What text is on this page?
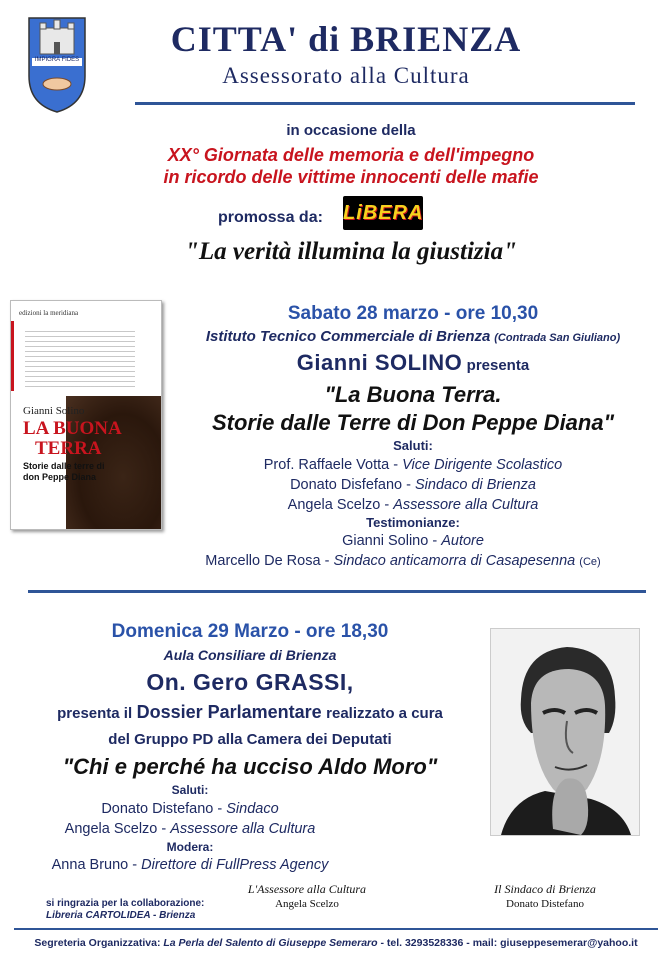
IMPIGRA FIDES
CITTA' di BRIENZA
Assessorato alla Cultura
in occasione della
XX° Giornata delle memoria e dell'impegno
in ricordo delle vittime innocenti delle mafie
promossa da: LiBERA
"La verità illumina la giustizia"
edizioni la meridiana
Gianni Solino
LA BUONA
TERRA
Storie dalle terre di don Peppe Diana
Sabato 28 marzo - ore 10,30
Istituto Tecnico Commerciale di Brienza (Contrada San Giuliano)
Gianni SOLINO presenta
"La Buona Terra.
Storie dalle Terre di Don Peppe Diana"
Saluti:
Prof. Raffaele Votta - Vice Dirigente Scolastico
Donato Disfefano - Sindaco di Brienza
Angela Scelzo - Assessore alla Cultura
Testimonianze:
Gianni Solino - Autore
Marcello De Rosa - Sindaco anticamorra di Casapesenna (Ce)
Domenica 29 Marzo - ore 18,30
Aula Consiliare di Brienza
On. Gero GRASSI,
presenta il Dossier Parlamentare realizzato a cura
del Gruppo PD alla Camera dei Deputati
"Chi e perché ha ucciso Aldo Moro"
Saluti:
Donato Distefano - Sindaco
Angela Scelzo - Assessore alla Cultura
Modera:
Anna Bruno - Direttore di FullPress Agency
si ringrazia per la collaborazione:
Libreria CARTOLIDEA - Brienza
L'Assessore alla Cultura
Angela Scelzo
Il Sindaco di Brienza
Donato Distefano
Segreteria Organizzativa: La Perla del Salento di Giuseppe Semeraro - tel. 3293528336 - mail: giuseppesemerar@yahoo.it
